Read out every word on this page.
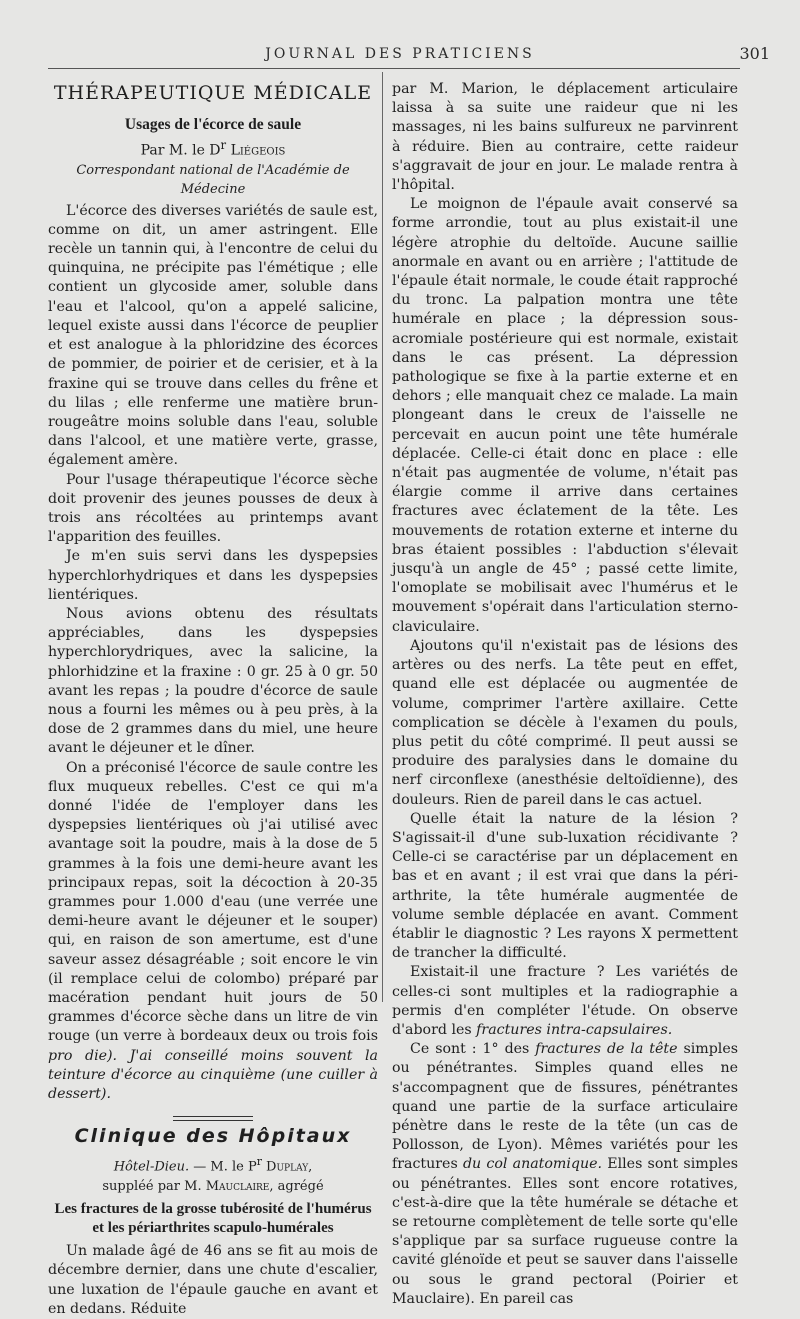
JOURNAL DES PRATICIENS	301
THÉRAPEUTIQUE MÉDICALE
Usages de l'écorce de saule
Par M. le $D^r$ Liégeois
Correspondant national de l'Académie de Médecine

L'écorce des diverses variétés de saule est, comme on dit, un amer astringent. Elle recèle un tannin qui, à l'encontre de celui du quinquina, ne précipite pas l'émétique ; elle contient un glycoside amer, soluble dans l'eau et l'alcool, qu'on a appelé salicine, lequel existe aussi dans l'écorce de peuplier et est analogue à la phloridzine des écorces de pommier, de poirier et de cerisier, et à la fraxine qui se trouve dans celles du frêne et du lilas ; elle renferme une matière brun-rougeâtre moins soluble dans l'eau, soluble dans l'alcool, et une matière verte, grasse, également amère.

Pour l'usage thérapeutique l'écorce sèche doit provenir des jeunes pousses de deux à trois ans récoltées au printemps avant l'apparition des feuilles.

Je m'en suis servi dans les dyspepsies hyperchlorhydriques et dans les dyspepsies lientériques.

Nous avions obtenu des résultats appréciables, dans les dyspepsies hyperchlorydriques, avec la salicine, la phlorhidzine et la fraxine : 0 gr. 25 à 0 gr. 50 avant les repas ; la poudre d'écorce de saule nous a fourni les mêmes ou à peu près, à la dose de 2 grammes dans du miel, une heure avant le déjeuner et le dîner.

On a préconisé l'écorce de saule contre les flux muqueux rebelles. C'est ce qui m'a donné l'idée de l'employer dans les dyspepsies lientériques où j'ai utilisé avec avantage soit la poudre, mais à la dose de 5 grammes à la fois une demi-heure avant les principaux repas, soit la décoction à 20-35 grammes pour 1.000 d'eau (une verrée une demi-heure avant le déjeuner et le souper) qui, en raison de son amertume, est d'une saveur assez désagréable ; soit encore le vin (il remplace celui de colombo) préparé par macération pendant huit jours de 50 grammes d'écorce sèche dans un litre de vin rouge (un verre à bordeaux deux ou trois fois pro die). J'ai conseillé moins souvent la teinture d'écorce au cinquième (une cuiller à dessert).

Clinique des Hôpitaux
Hôtel-Dieu. — M. le $P^r$ Duplay,
suppléé par M. Mauclaire, agrégé
Les fractures de la grosse tubérosité de l'humérus et les périarthrites scapulo-humérales

Un malade âgé de 46 ans se fit au mois de décembre dernier, dans une chute d'escalier, une luxation de l'épaule gauche en avant et en dedans. Réduite

par M. Marion, le déplacement articulaire laissa à sa suite une raideur que ni les massages, ni les bains sulfureux ne parvinrent à réduire. Bien au contraire, cette raideur s'aggravait de jour en jour. Le malade rentra à l'hôpital.

Le moignon de l'épaule avait conservé sa forme arrondie, tout au plus existait-il une légère atrophie du deltoïde. Aucune saillie anormale en avant ou en arrière ; l'attitude de l'épaule était normale, le coude était rapproché du tronc. La palpation montra une tête humérale en place ; la dépression sous-acromiale postérieure qui est normale, existait dans le cas présent. La dépression pathologique se fixe à la partie externe et en dehors ; elle manquait chez ce malade. La main plongeant dans le creux de l'aisselle ne percevait en aucun point une tête humérale déplacée. Celle-ci était donc en place : elle n'était pas augmentée de volume, n'était pas élargie comme il arrive dans certaines fractures avec éclatement de la tête. Les mouvements de rotation externe et interne du bras étaient possibles : l'abduction s'élevait jusqu'à un angle de 45° ; passé cette limite, l'omoplate se mobilisait avec l'humérus et le mouvement s'opérait dans l'articulation sterno-claviculaire.

Ajoutons qu'il n'existait pas de lésions des artères ou des nerfs. La tête peut en effet, quand elle est déplacée ou augmentée de volume, comprimer l'artère axillaire. Cette complication se décèle à l'examen du pouls, plus petit du côté comprimé. Il peut aussi se produire des paralysies dans le domaine du nerf circonflexe (anesthésie deltoïdienne), des douleurs. Rien de pareil dans le cas actuel.

Quelle était la nature de la lésion ? S'agissait-il d'une sub-luxation récidivante ? Celle-ci se caractérise par un déplacement en bas et en avant ; il est vrai que dans la péri-arthrite, la tête humérale augmentée de volume semble déplacée en avant. Comment établir le diagnostic ? Les rayons X permettent de trancher la difficulté.

Existait-il une fracture ? Les variétés de celles-ci sont multiples et la radiographie a permis d'en compléter l'étude. On observe d'abord les fractures intra-capsulaires.

Ce sont : 1° des fractures de la tête simples ou pénétrantes. Simples quand elles ne s'accompagnent que de fissures, pénétrantes quand une partie de la surface articulaire pénètre dans le reste de la tête (un cas de Pollosson, de Lyon). Mêmes variétés pour les fractures du col anatomique. Elles sont simples ou pénétrantes. Elles sont encore rotatives, c'est-à-dire que la tête humérale se détache et se retourne complètement de telle sorte qu'elle s'applique par sa surface rugueuse contre la cavité glénoïde et peut se sauver dans l'aisselle ou sous le grand pectoral (Poirier et Mauclaire). En pareil cas
